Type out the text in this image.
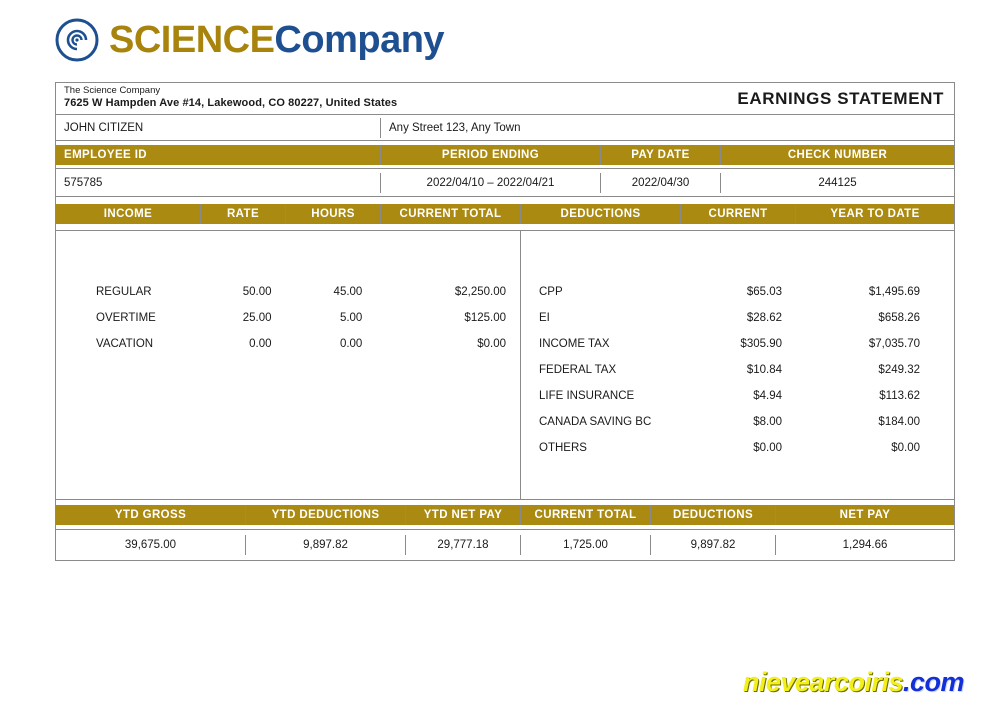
SCIENCECompany
The Science Company
7625 W Hampden Ave #14, Lakewood, CO 80227, United States	EARNINGS STATEMENT
JOHN CITIZEN	Any Street 123, Any Town
EMPLOYEE ID	PERIOD ENDING	PAY DATE	CHECK NUMBER
575785	2022/04/10 – 2022/04/21	2022/04/30	244125
INCOME	RATE	HOURS	CURRENT TOTAL	DEDUCTIONS	CURRENT	YEAR TO DATE
REGULAR	50.00	45.00	$2,250.00
OVERTIME	25.00	5.00	$125.00
VACATION	0.00	0.00	$0.00
CPP	$65.03	$1,495.69
EI	$28.62	$658.26
INCOME TAX	$305.90	$7,035.70
FEDERAL TAX	$10.84	$249.32
LIFE INSURANCE	$4.94	$113.62
CANADA SAVING BC	$8.00	$184.00
OTHERS	$0.00	$0.00
YTD GROSS	YTD DEDUCTIONS	YTD NET PAY	CURRENT TOTAL	DEDUCTIONS	NET PAY
39,675.00	9,897.82	29,777.18	1,725.00	9,897.82	1,294.66
nievearcoiris.com
